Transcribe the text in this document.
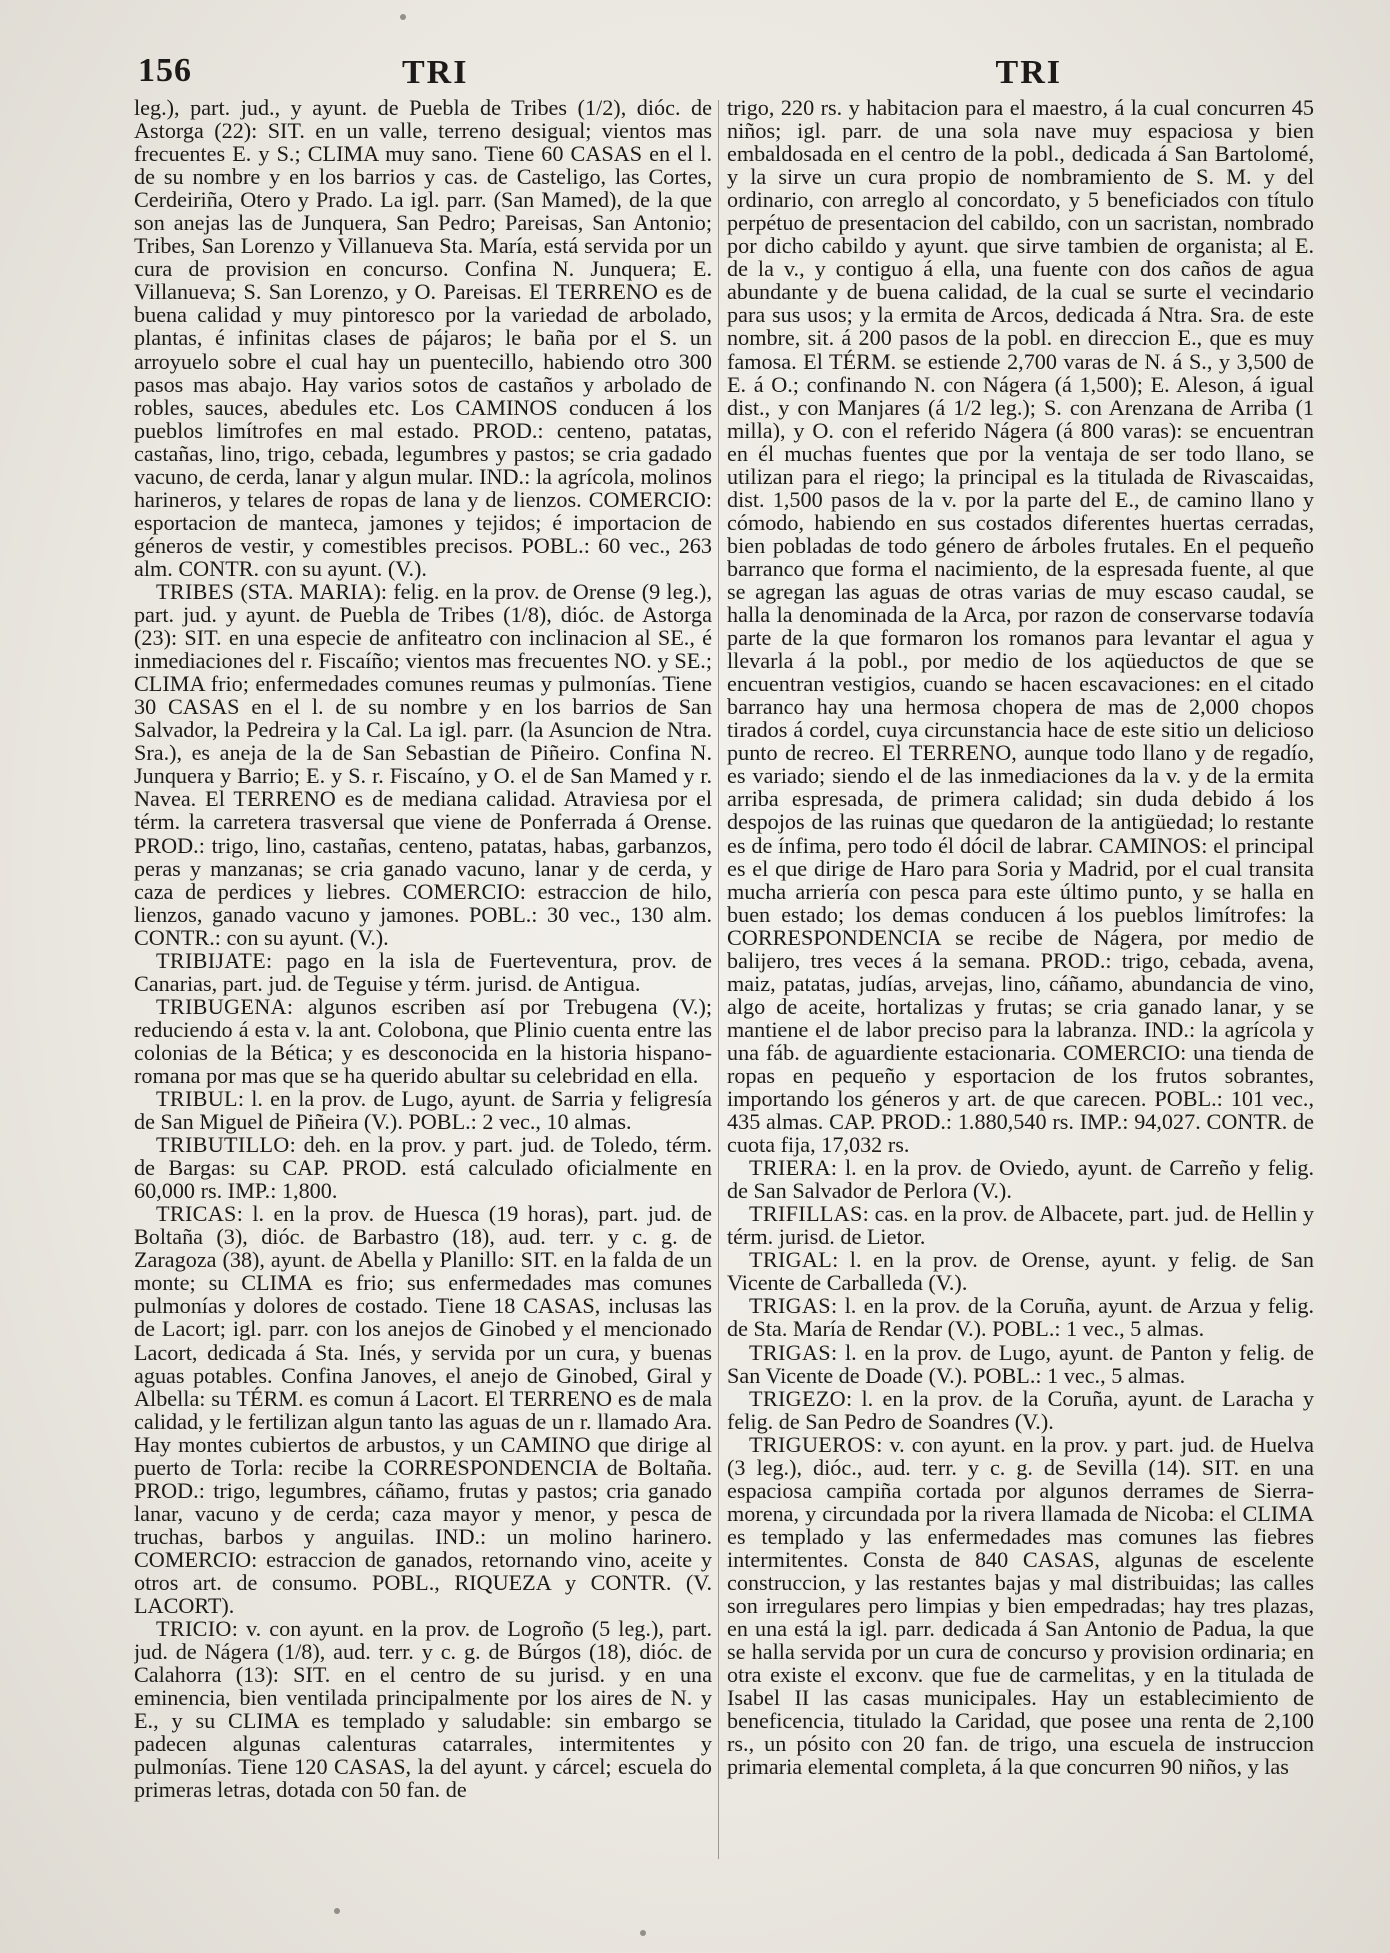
156	TRI	TRI

leg.), part. jud., y ayunt. de Puebla de Tribes (1/2), dióc. de Astorga (22): SIT. en un valle, terreno desigual; vientos mas frecuentes E. y S.; CLIMA muy sano. Tiene 60 CASAS en el l. de su nombre y en los barrios y cas. de Casteligo, las Cortes, Cerdeiriña, Otero y Prado. La igl. parr. (San Mamed), de la que son anejas las de Junquera, San Pedro; Pareisas, San Antonio; Tribes, San Lorenzo y Villanueva Sta. María, está servida por un cura de provision en concurso. Confina N. Junquera; E. Villanueva; S. San Lorenzo, y O. Pareisas. El TERRENO es de buena calidad y muy pintoresco por la variedad de arbolado, plantas, é infinitas clases de pájaros; le baña por el S. un arroyuelo sobre el cual hay un puentecillo, habiendo otro 300 pasos mas abajo. Hay varios sotos de castaños y arbolado de robles, sauces, abedules etc. Los CAMINOS conducen á los pueblos limítrofes en mal estado. PROD.: centeno, patatas, castañas, lino, trigo, cebada, legumbres y pastos; se cria gadado vacuno, de cerda, lanar y algun mular. IND.: la agrícola, molinos harineros, y telares de ropas de lana y de lienzos. COMERCIO: esportacion de manteca, jamones y tejidos; é importacion de géneros de vestir, y comestibles precisos. POBL.: 60 vec., 263 alm. CONTR. con su ayunt. (V.).

TRIBES (STA. MARIA): felig. en la prov. de Orense (9 leg.), part. jud. y ayunt. de Puebla de Tribes (1/8), dióc. de Astorga (23): SIT. en una especie de anfiteatro con inclinacion al SE., é inmediaciones del r. Fiscaíño; vientos mas frecuentes NO. y SE.; CLIMA frio; enfermedades comunes reumas y pulmonías. Tiene 30 CASAS en el l. de su nombre y en los barrios de San Salvador, la Pedreira y la Cal. La igl. parr. (la Asuncion de Ntra. Sra.), es aneja de la de San Sebastian de Piñeiro. Confina N. Junquera y Barrio; E. y S. r. Fiscaíno, y O. el de San Mamed y r. Navea. El TERRENO es de mediana calidad. Atraviesa por el térm. la carretera trasversal que viene de Ponferrada á Orense. PROD.: trigo, lino, castañas, centeno, patatas, habas, garbanzos, peras y manzanas; se cria ganado vacuno, lanar y de cerda, y caza de perdices y liebres. COMERCIO: estraccion de hilo, lienzos, ganado vacuno y jamones. POBL.: 30 vec., 130 alm. CONTR.: con su ayunt. (V.).

TRIBIJATE: pago en la isla de Fuerteventura, prov. de Canarias, part. jud. de Teguise y térm. jurisd. de Antigua.

TRIBUGENA: algunos escriben así por Trebugena (V.); reduciendo á esta v. la ant. Colobona, que Plinio cuenta entre las colonias de la Bética; y es desconocida en la historia hispano-romana por mas que se ha querido abultar su celebridad en ella.

TRIBUL: l. en la prov. de Lugo, ayunt. de Sarria y feligresía de San Miguel de Piñeira (V.). POBL.: 2 vec., 10 almas.

TRIBUTILLO: deh. en la prov. y part. jud. de Toledo, térm. de Bargas: su CAP. PROD. está calculado oficialmente en 60,000 rs. IMP.: 1,800.

TRICAS: l. en la prov. de Huesca (19 horas), part. jud. de Boltaña (3), dióc. de Barbastro (18), aud. terr. y c. g. de Zaragoza (38), ayunt. de Abella y Planillo: SIT. en la falda de un monte; su CLIMA es frio; sus enfermedades mas comunes pulmonías y dolores de costado. Tiene 18 CASAS, inclusas las de Lacort; igl. parr. con los anejos de Ginobed y el mencionado Lacort, dedicada á Sta. Inés, y servida por un cura, y buenas aguas potables. Confina Janoves, el anejo de Ginobed, Giral y Albella: su TÉRM. es comun á Lacort. El TERRENO es de mala calidad, y le fertilizan algun tanto las aguas de un r. llamado Ara. Hay montes cubiertos de arbustos, y un CAMINO que dirige al puerto de Torla: recibe la CORRESPONDENCIA de Boltaña. PROD.: trigo, legumbres, cáñamo, frutas y pastos; cria ganado lanar, vacuno y de cerda; caza mayor y menor, y pesca de truchas, barbos y anguilas. IND.: un molino harinero. COMERCIO: estraccion de ganados, retornando vino, aceite y otros art. de consumo. POBL., RIQUEZA y CONTR. (V. LACORT).

TRICIO: v. con ayunt. en la prov. de Logroño (5 leg.), part. jud. de Nágera (1/8), aud. terr. y c. g. de Búrgos (18), dióc. de Calahorra (13): SIT. en el centro de su jurisd. y en una eminencia, bien ventilada principalmente por los aires de N. y E., y su CLIMA es templado y saludable: sin embargo se padecen algunas calenturas catarrales, intermitentes y pulmonías. Tiene 120 CASAS, la del ayunt. y cárcel; escuela do primeras letras, dotada con 50 fan. de

trigo, 220 rs. y habitacion para el maestro, á la cual concurren 45 niños; igl. parr. de una sola nave muy espaciosa y bien embaldosada en el centro de la pobl., dedicada á San Bartolomé, y la sirve un cura propio de nombramiento de S. M. y del ordinario, con arreglo al concordato, y 5 beneficiados con título perpétuo de presentacion del cabildo, con un sacristan, nombrado por dicho cabildo y ayunt. que sirve tambien de organista; al E. de la v., y contiguo á ella, una fuente con dos caños de agua abundante y de buena calidad, de la cual se surte el vecindario para sus usos; y la ermita de Arcos, dedicada á Ntra. Sra. de este nombre, sit. á 200 pasos de la pobl. en direccion E., que es muy famosa. El TÉRM. se estiende 2,700 varas de N. á S., y 3,500 de E. á O.; confinando N. con Nágera (á 1,500); E. Aleson, á igual dist., y con Manjares (á 1/2 leg.); S. con Arenzana de Arriba (1 milla), y O. con el referido Nágera (á 800 varas): se encuentran en él muchas fuentes que por la ventaja de ser todo llano, se utilizan para el riego; la principal es la titulada de Rivascaidas, dist. 1,500 pasos de la v. por la parte del E., de camino llano y cómodo, habiendo en sus costados diferentes huertas cerradas, bien pobladas de todo género de árboles frutales. En el pequeño barranco que forma el nacimiento, de la espresada fuente, al que se agregan las aguas de otras varias de muy escaso caudal, se halla la denominada de la Arca, por razon de conservarse todavía parte de la que formaron los romanos para levantar el agua y llevarla á la pobl., por medio de los aqüeductos de que se encuentran vestigios, cuando se hacen escavaciones: en el citado barranco hay una hermosa chopera de mas de 2,000 chopos tirados á cordel, cuya circunstancia hace de este sitio un delicioso punto de recreo. El TERRENO, aunque todo llano y de regadío, es variado; siendo el de las inmediaciones da la v. y de la ermita arriba espresada, de primera calidad; sin duda debido á los despojos de las ruinas que quedaron de la antigüedad; lo restante es de ínfima, pero todo él dócil de labrar. CAMINOS: el principal es el que dirige de Haro para Soria y Madrid, por el cual transita mucha arriería con pesca para este último punto, y se halla en buen estado; los demas conducen á los pueblos limítrofes: la CORRESPONDENCIA se recibe de Nágera, por medio de balijero, tres veces á la semana. PROD.: trigo, cebada, avena, maiz, patatas, judías, arvejas, lino, cáñamo, abundancia de vino, algo de aceite, hortalizas y frutas; se cria ganado lanar, y se mantiene el de labor preciso para la labranza. IND.: la agrícola y una fáb. de aguardiente estacionaria. COMERCIO: una tienda de ropas en pequeño y esportacion de los frutos sobrantes, importando los géneros y art. de que carecen. POBL.: 101 vec., 435 almas. CAP. PROD.: 1.880,540 rs. IMP.: 94,027. CONTR. de cuota fija, 17,032 rs.

TRIERA: l. en la prov. de Oviedo, ayunt. de Carreño y felig. de San Salvador de Perlora (V.).

TRIFILLAS: cas. en la prov. de Albacete, part. jud. de Hellin y térm. jurisd. de Lietor.

TRIGAL: l. en la prov. de Orense, ayunt. y felig. de San Vicente de Carballeda (V.).

TRIGAS: l. en la prov. de la Coruña, ayunt. de Arzua y felig. de Sta. María de Rendar (V.). POBL.: 1 vec., 5 almas.

TRIGAS: l. en la prov. de Lugo, ayunt. de Panton y felig. de San Vicente de Doade (V.). POBL.: 1 vec., 5 almas.

TRIGEZO: l. en la prov. de la Coruña, ayunt. de Laracha y felig. de San Pedro de Soandres (V.).

TRIGUEROS: v. con ayunt. en la prov. y part. jud. de Huelva (3 leg.), dióc., aud. terr. y c. g. de Sevilla (14). SIT. en una espaciosa campiña cortada por algunos derrames de Sierra-morena, y circundada por la rivera llamada de Nicoba: el CLIMA es templado y las enfermedades mas comunes las fiebres intermitentes. Consta de 840 CASAS, algunas de escelente construccion, y las restantes bajas y mal distribuidas; las calles son irregulares pero limpias y bien empedradas; hay tres plazas, en una está la igl. parr. dedicada á San Antonio de Padua, la que se halla servida por un cura de concurso y provision ordinaria; en otra existe el exconv. que fue de carmelitas, y en la titulada de Isabel II las casas municipales. Hay un establecimiento de beneficencia, titulado la Caridad, que posee una renta de 2,100 rs., un pósito con 20 fan. de trigo, una escuela de instruccion primaria elemental completa, á la que concurren 90 niños, y las
